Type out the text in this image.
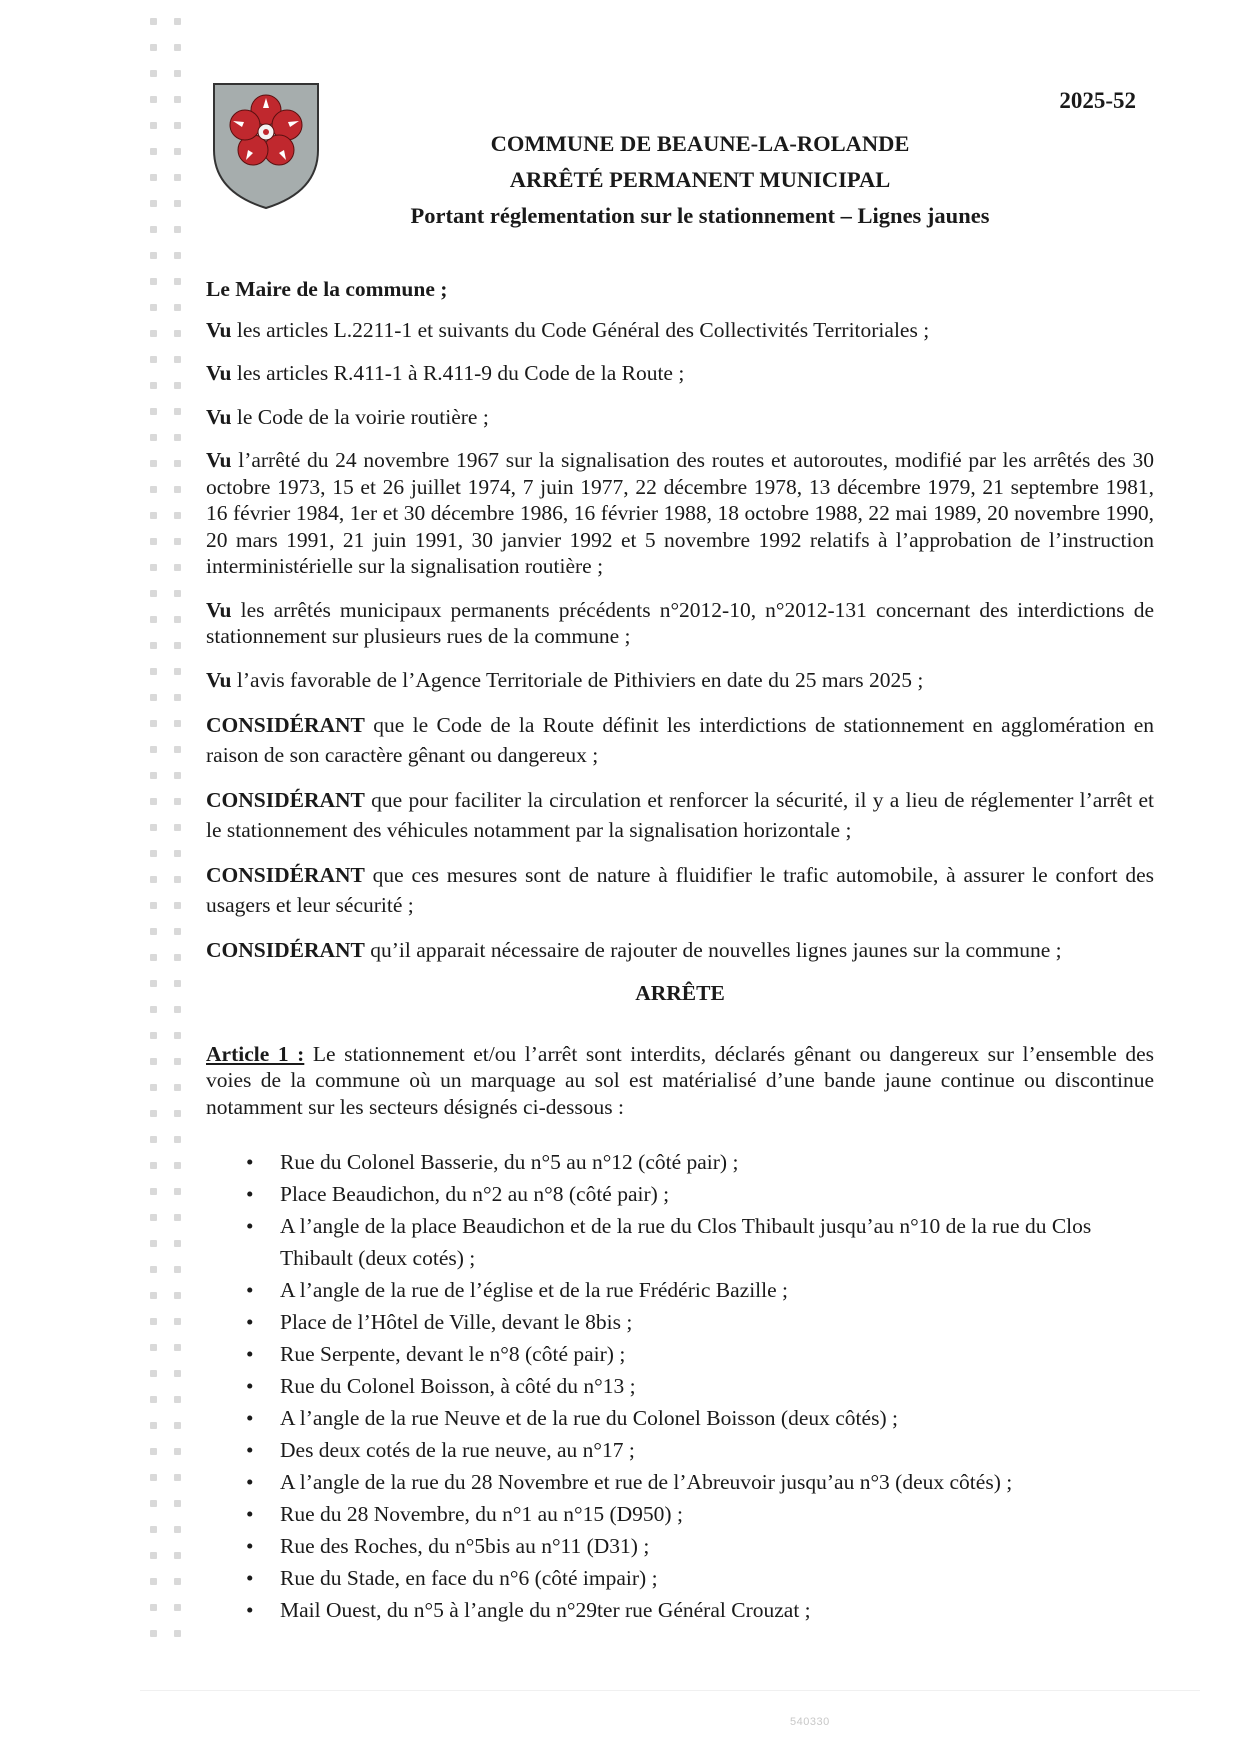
2025-52
COMMUNE DE BEAUNE-LA-ROLANDE
ARRÊTÉ PERMANENT MUNICIPAL
Portant réglementation sur le stationnement – Lignes jaunes

Le Maire de la commune ;

Vu les articles L.2211-1 et suivants du Code Général des Collectivités Territoriales ;

Vu les articles R.411-1 à R.411-9 du Code de la Route ;

Vu le Code de la voirie routière ;

Vu l’arrêté du 24 novembre 1967 sur la signalisation des routes et autoroutes, modifié par les arrêtés des 30 octobre 1973, 15 et 26 juillet 1974, 7 juin 1977, 22 décembre 1978, 13 décembre 1979, 21 septembre 1981, 16 février 1984, 1er et 30 décembre 1986, 16 février 1988, 18 octobre 1988, 22 mai 1989, 20 novembre 1990, 20 mars 1991, 21 juin 1991, 30 janvier 1992 et 5 novembre 1992 relatifs à l’approbation de l’instruction interministérielle sur la signalisation routière ;

Vu les arrêtés municipaux permanents précédents n°2012-10, n°2012-131 concernant des interdictions de stationnement sur plusieurs rues de la commune ;

Vu l’avis favorable de l’Agence Territoriale de Pithiviers en date du 25 mars 2025 ;

CONSIDÉRANT que le Code de la Route définit les interdictions de stationnement en agglomération en raison de son caractère gênant ou dangereux ;

CONSIDÉRANT que pour faciliter la circulation et renforcer la sécurité, il y a lieu de réglementer l’arrêt et le stationnement des véhicules notamment par la signalisation horizontale ;

CONSIDÉRANT que ces mesures sont de nature à fluidifier le trafic automobile, à assurer le confort des usagers et leur sécurité ;

CONSIDÉRANT qu’il apparait nécessaire de rajouter de nouvelles lignes jaunes sur la commune ;

ARRÊTE

Article 1 : Le stationnement et/ou l’arrêt sont interdits, déclarés gênant ou dangereux sur l’ensemble des voies de la commune où un marquage au sol est matérialisé d’une bande jaune continue ou discontinue notamment sur les secteurs désignés ci-dessous :

• Rue du Colonel Basserie, du n°5 au n°12 (côté pair) ;
• Place Beaudichon, du n°2 au n°8 (côté pair) ;
• A l’angle de la place Beaudichon et de la rue du Clos Thibault jusqu’au n°10 de la rue du Clos Thibault (deux cotés) ;
• A l’angle de la rue de l’église et de la rue Frédéric Bazille ;
• Place de l’Hôtel de Ville, devant le 8bis ;
• Rue Serpente, devant le n°8 (côté pair) ;
• Rue du Colonel Boisson, à côté du n°13 ;
• A l’angle de la rue Neuve et de la rue du Colonel Boisson (deux côtés) ;
• Des deux cotés de la rue neuve, au n°17 ;
• A l’angle de la rue du 28 Novembre et rue de l’Abreuvoir jusqu’au n°3 (deux côtés) ;
• Rue du 28 Novembre, du n°1 au n°15 (D950) ;
• Rue des Roches, du n°5bis au n°11 (D31) ;
• Rue du Stade, en face du n°6 (côté impair) ;
• Mail Ouest, du n°5 à l’angle du n°29ter rue Général Crouzat ;
540330
